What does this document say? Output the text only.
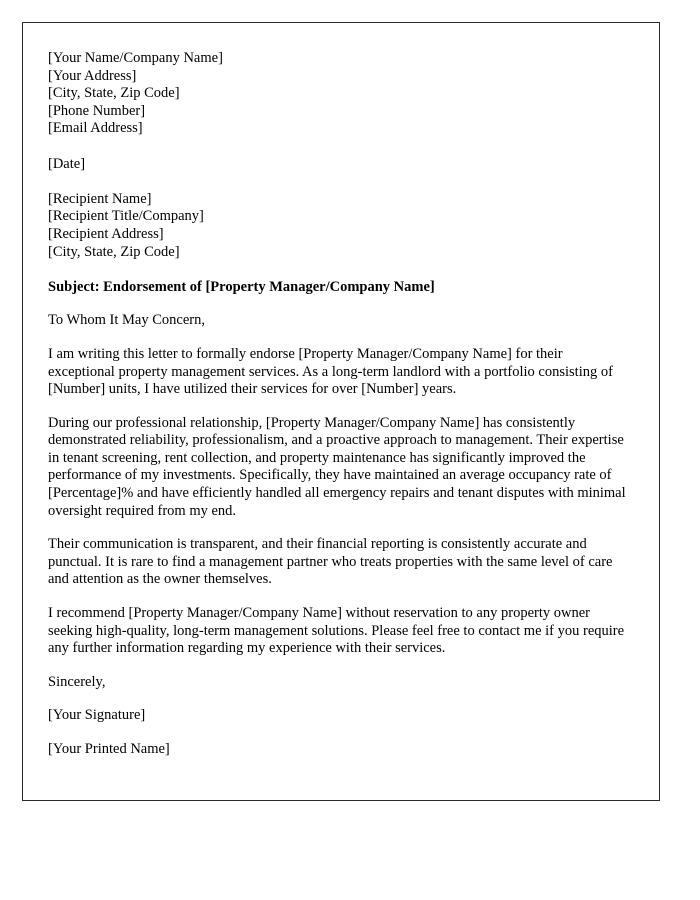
[Your Name/Company Name]
[Your Address]
[City, State, Zip Code]
[Phone Number]
[Email Address]
[Date]
[Recipient Name]
[Recipient Title/Company]
[Recipient Address]
[City, State, Zip Code]

Subject: Endorsement of [Property Manager/Company Name]

To Whom It May Concern,

I am writing this letter to formally endorse [Property Manager/Company Name] for their exceptional property management services. As a long-term landlord with a portfolio consisting of [Number] units, I have utilized their services for over [Number] years.

During our professional relationship, [Property Manager/Company Name] has consistently demonstrated reliability, professionalism, and a proactive approach to management. Their expertise in tenant screening, rent collection, and property maintenance has significantly improved the performance of my investments. Specifically, they have maintained an average occupancy rate of [Percentage]% and have efficiently handled all emergency repairs and tenant disputes with minimal oversight required from my end.

Their communication is transparent, and their financial reporting is consistently accurate and punctual. It is rare to find a management partner who treats properties with the same level of care and attention as the owner themselves.

I recommend [Property Manager/Company Name] without reservation to any property owner seeking high-quality, long-term management solutions. Please feel free to contact me if you require any further information regarding my experience with their services.

Sincerely,

[Your Signature]

[Your Printed Name]
